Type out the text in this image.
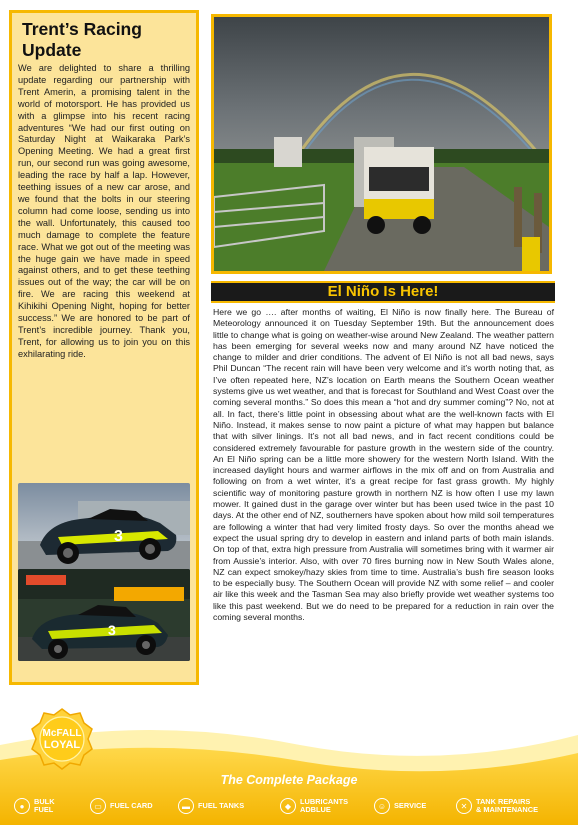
Trent’s Racing Update

We are delighted to share a thrilling update regarding our partnership with Trent Amerin, a promising talent in the world of motorsport. He has provided us with a glimpse into his recent racing adventures “We had our first outing on Saturday Night at Waikaraka Park’s Opening Meeting. We had a great first run, our second run was going awesome, leading the race by half a lap. However, teething issues of a new car arose, and we found that the bolts in our steering column had come loose, sending us into the wall. Unfortunately, this caused too much damage to complete the feature race. What we got out of the meeting was the huge gain we have made in speed against others, and to get these teething issues out of the way; the car will be on fire. We are racing this weekend at Kihikihi Opening Night, hoping for better success.” We are honored to be part of Trent’s incredible journey. Thank you, Trent, for allowing us to join you on this exhilarating ride.

3
3
El Niño Is Here!

Here we go …. after months of waiting, El Niño is now finally here. The Bureau of Meteorology announced it on Tuesday September 19th. But the announcement does little to change what is going on weather-wise around New Zealand. The weather pattern has been emerging for several weeks now and many around NZ have noticed the change to milder and drier conditions. The advent of El Niño is not all bad news, says Phil Duncan “The recent rain will have been very welcome and it’s worth noting that, as I’ve often repeated here, NZ’s location on Earth means the Southern Ocean weather systems give us wet weather, and that is forecast for Southland and West Coast over the coming several months.” So does this mean a “hot and dry summer coming”? No, not at all. In fact, there’s little point in obsessing about what are the well-known facts with El Niño. Instead, it makes sense to now paint a picture of what may happen but balance that with silver linings. It’s not all bad news, and in fact recent conditions could be considered extremely favourable for pasture growth in the western side of the country. An El Niño spring can be a little more showery for the western North Island. With the increased daylight hours and warmer airflows in the mix off and on from Australia and following on from a wet winter, it’s a great recipe for fast grass growth. My highly scientific way of monitoring pasture growth in northern NZ is how often I use my lawn mower. It gained dust in the garage over winter but has been used twice in the past 10 days. At the other end of NZ, southerners have spoken about how mild soil temperatures are following a winter that had very limited frosty days. So over the months ahead we expect the usual spring dry to develop in eastern and inland parts of both main islands. On top of that, extra high pressure from Australia will sometimes bring with it warmer air from Aussie’s interior. Also, with over 70 fires burning now in New South Wales alone, NZ can expect smokey/hazy skies from time to time. Australia’s bush fire season looks to be especially busy. The Southern Ocean will provide NZ with some relief – and cooler air like this week and the Tasman Sea may also briefly provide wet weather systems too like this past weekend. But we do need to be prepared for a reduction in rain over the coming several months.

McFALL
LOYAL
The Complete Package
●	BULK
FUEL	▭	FUEL CARD	▬	FUEL TANKS	◆	LUBRICANTS
ADBLUE	☺	SERVICE	✕	TANK REPAIRS
& MAINTENANCE
